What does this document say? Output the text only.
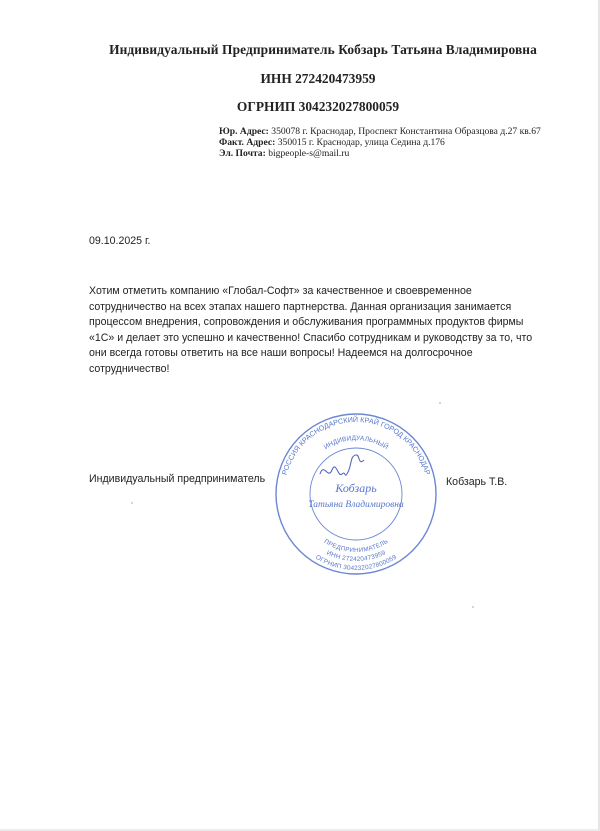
Индивидуальный Предприниматель Кобзарь Татьяна Владимировна
ИНН 272420473959
ОГРНИП 304232027800059
Юр. Адрес: 350078 г. Краснодар, Проспект Константина Образцова д.27 кв.67
Факт. Адрес: 350015 г. Краснодар, улица Седина д.176
Эл. Почта: bigpeople-s@mail.ru
09.10.2025 г.
Хотим отметить компанию «Глобал-Софт» за качественное и своевременное сотрудничество на всех этапах нашего партнерства. Данная организация занимается процессом внедрения, сопровождения и обслуживания программных продуктов фирмы «1С» и делает это успешно и качественно! Спасибо сотрудникам и руководству за то, что они всегда готовы ответить на все наши вопросы! Надеемся на долгосрочное сотрудничество!
Индивидуальный предприниматель
РОССИЯ КРАСНОДАРСКИЙ КРАЙ ГОРОД КРАСНОДАР
ИНДИВИДУАЛЬНЫЙ
ПРЕДПРИНИМАТЕЛЬ
ИНН 272420473959
ОГРНИП 304232027800059
Кобзарь
Татьяна Владимировна
Кобзарь Т.В.
